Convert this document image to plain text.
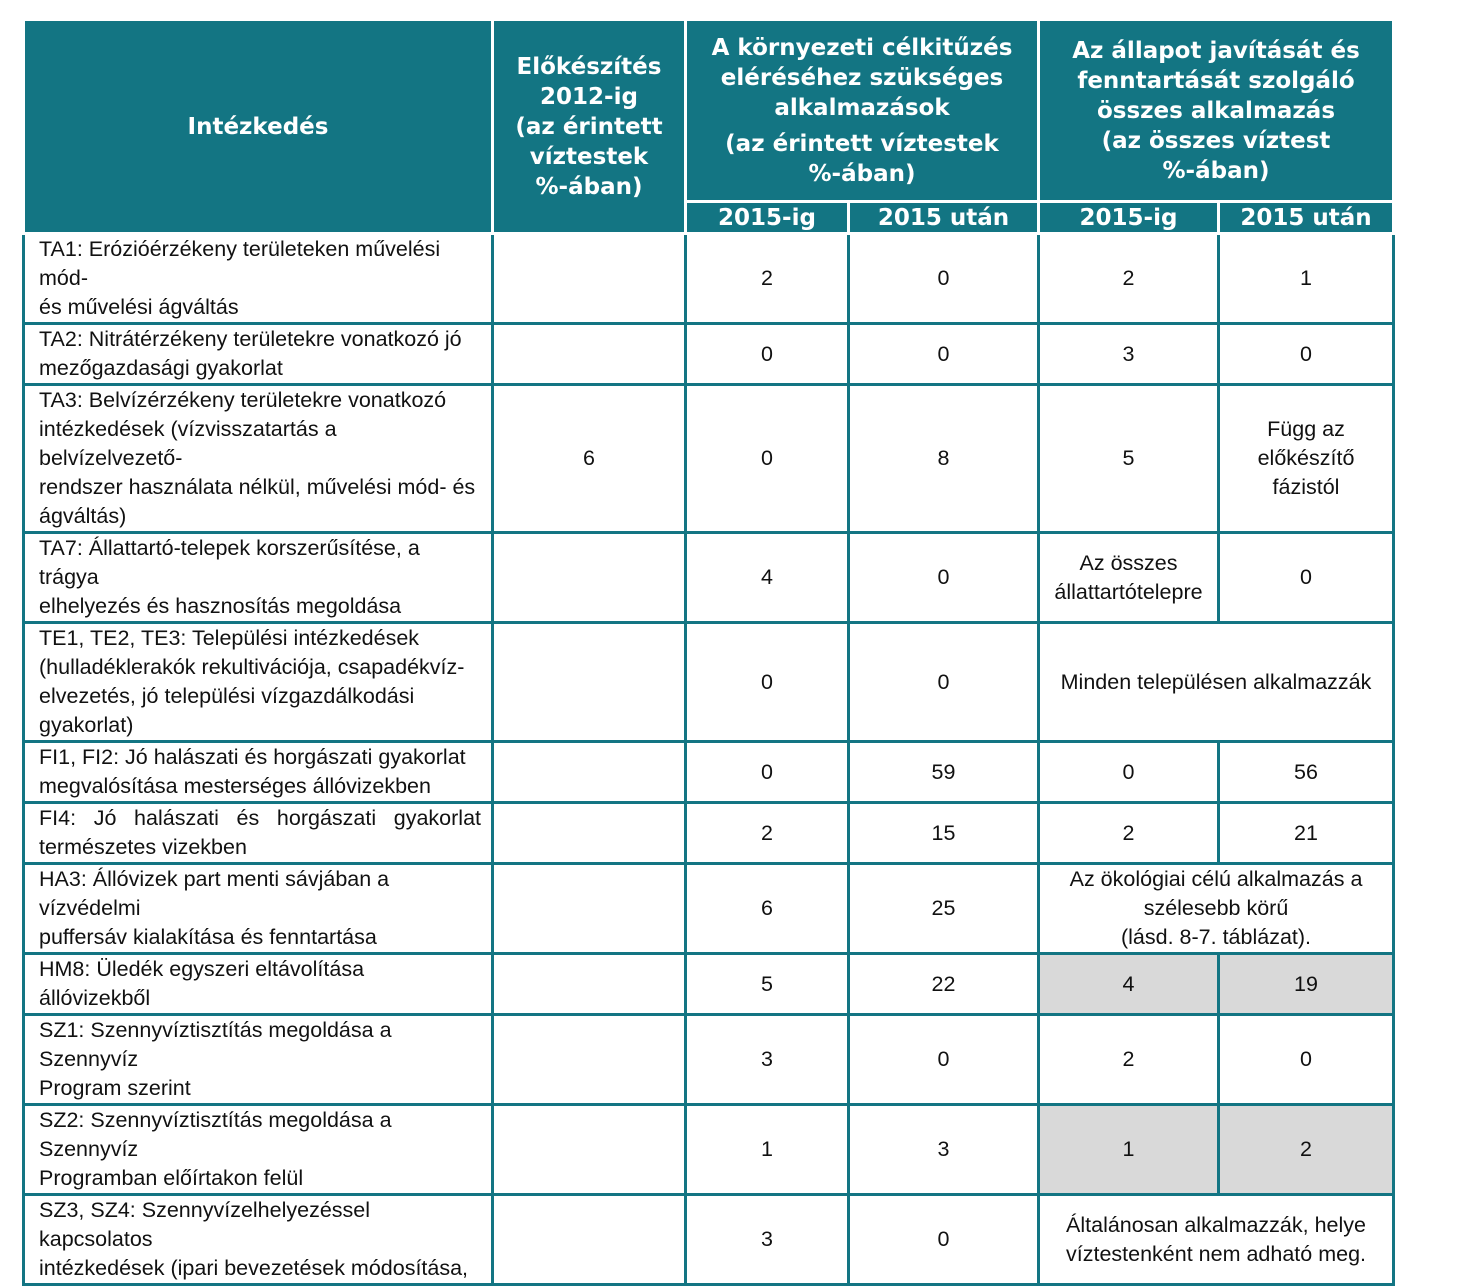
Intézkedés	Előkészítés
2012-ig
(az érintett
víztestek
%-ában)	A környezeti célkitűzés
eléréséhez szükséges
alkalmazások
(az érintett víztestek
%-ában)		Az állapot javítását és
fenntartását szolgáló
összes alkalmazás
(az összes víztest
%-ában)	

		2015-ig	2015 után	2015-ig	2015 után

TA1: Erózióérzékeny területeken művelési mód-
és művelési ágváltás		2	0	2	1

TA2: Nitrátérzékeny területekre vonatkozó jó
mezőgazdasági gyakorlat		0	0	3	0

TA3: Belvízérzékeny területekre vonatkozó
intézkedések (vízvisszatartás a belvízelvezető-
rendszer használata nélkül, művelési mód- és
ágváltás)	6	0	8	5	Függ az
előkészítő
fázistól

TA7: Állattartó-telepek korszerűsítése, a trágya
elhelyezés és hasznosítás megoldása		4	0	Az összes
állattartótelepre	0

TE1, TE2, TE3: Települési intézkedések
(hulladéklerakók rekultivációja, csapadékvíz-
elvezetés, jó települési vízgazdálkodási
gyakorlat)		0	0	Minden településen alkalmazzák	

FI1, FI2: Jó halászati és horgászati gyakorlat
megvalósítása mesterséges állóvizekben		0	59	0	56

FI4: Jó halászati és horgászati gyakorlat
természetes vizekben		2	15	2	21

HA3: Állóvizek part menti sávjában a vízvédelmi
puffersáv kialakítása és fenntartása		6	25	Az ökológiai célú alkalmazás a
szélesebb körű
(lásd. 8-7. táblázat).	

HM8: Üledék egyszeri eltávolítása állóvizekből		5	22	4	19

SZ1: Szennyvíztisztítás megoldása a Szennyvíz
Program szerint		3	0	2	0

SZ2: Szennyvíztisztítás megoldása a Szennyvíz
Programban előírtakon felül		1	3	1	2

SZ3, SZ4: Szennyvízelhelyezéssel kapcsolatos
intézkedések (ipari bevezetések módosítása,		3	0	Általánosan alkalmazzák, helye
víztestenként nem adható meg.	
